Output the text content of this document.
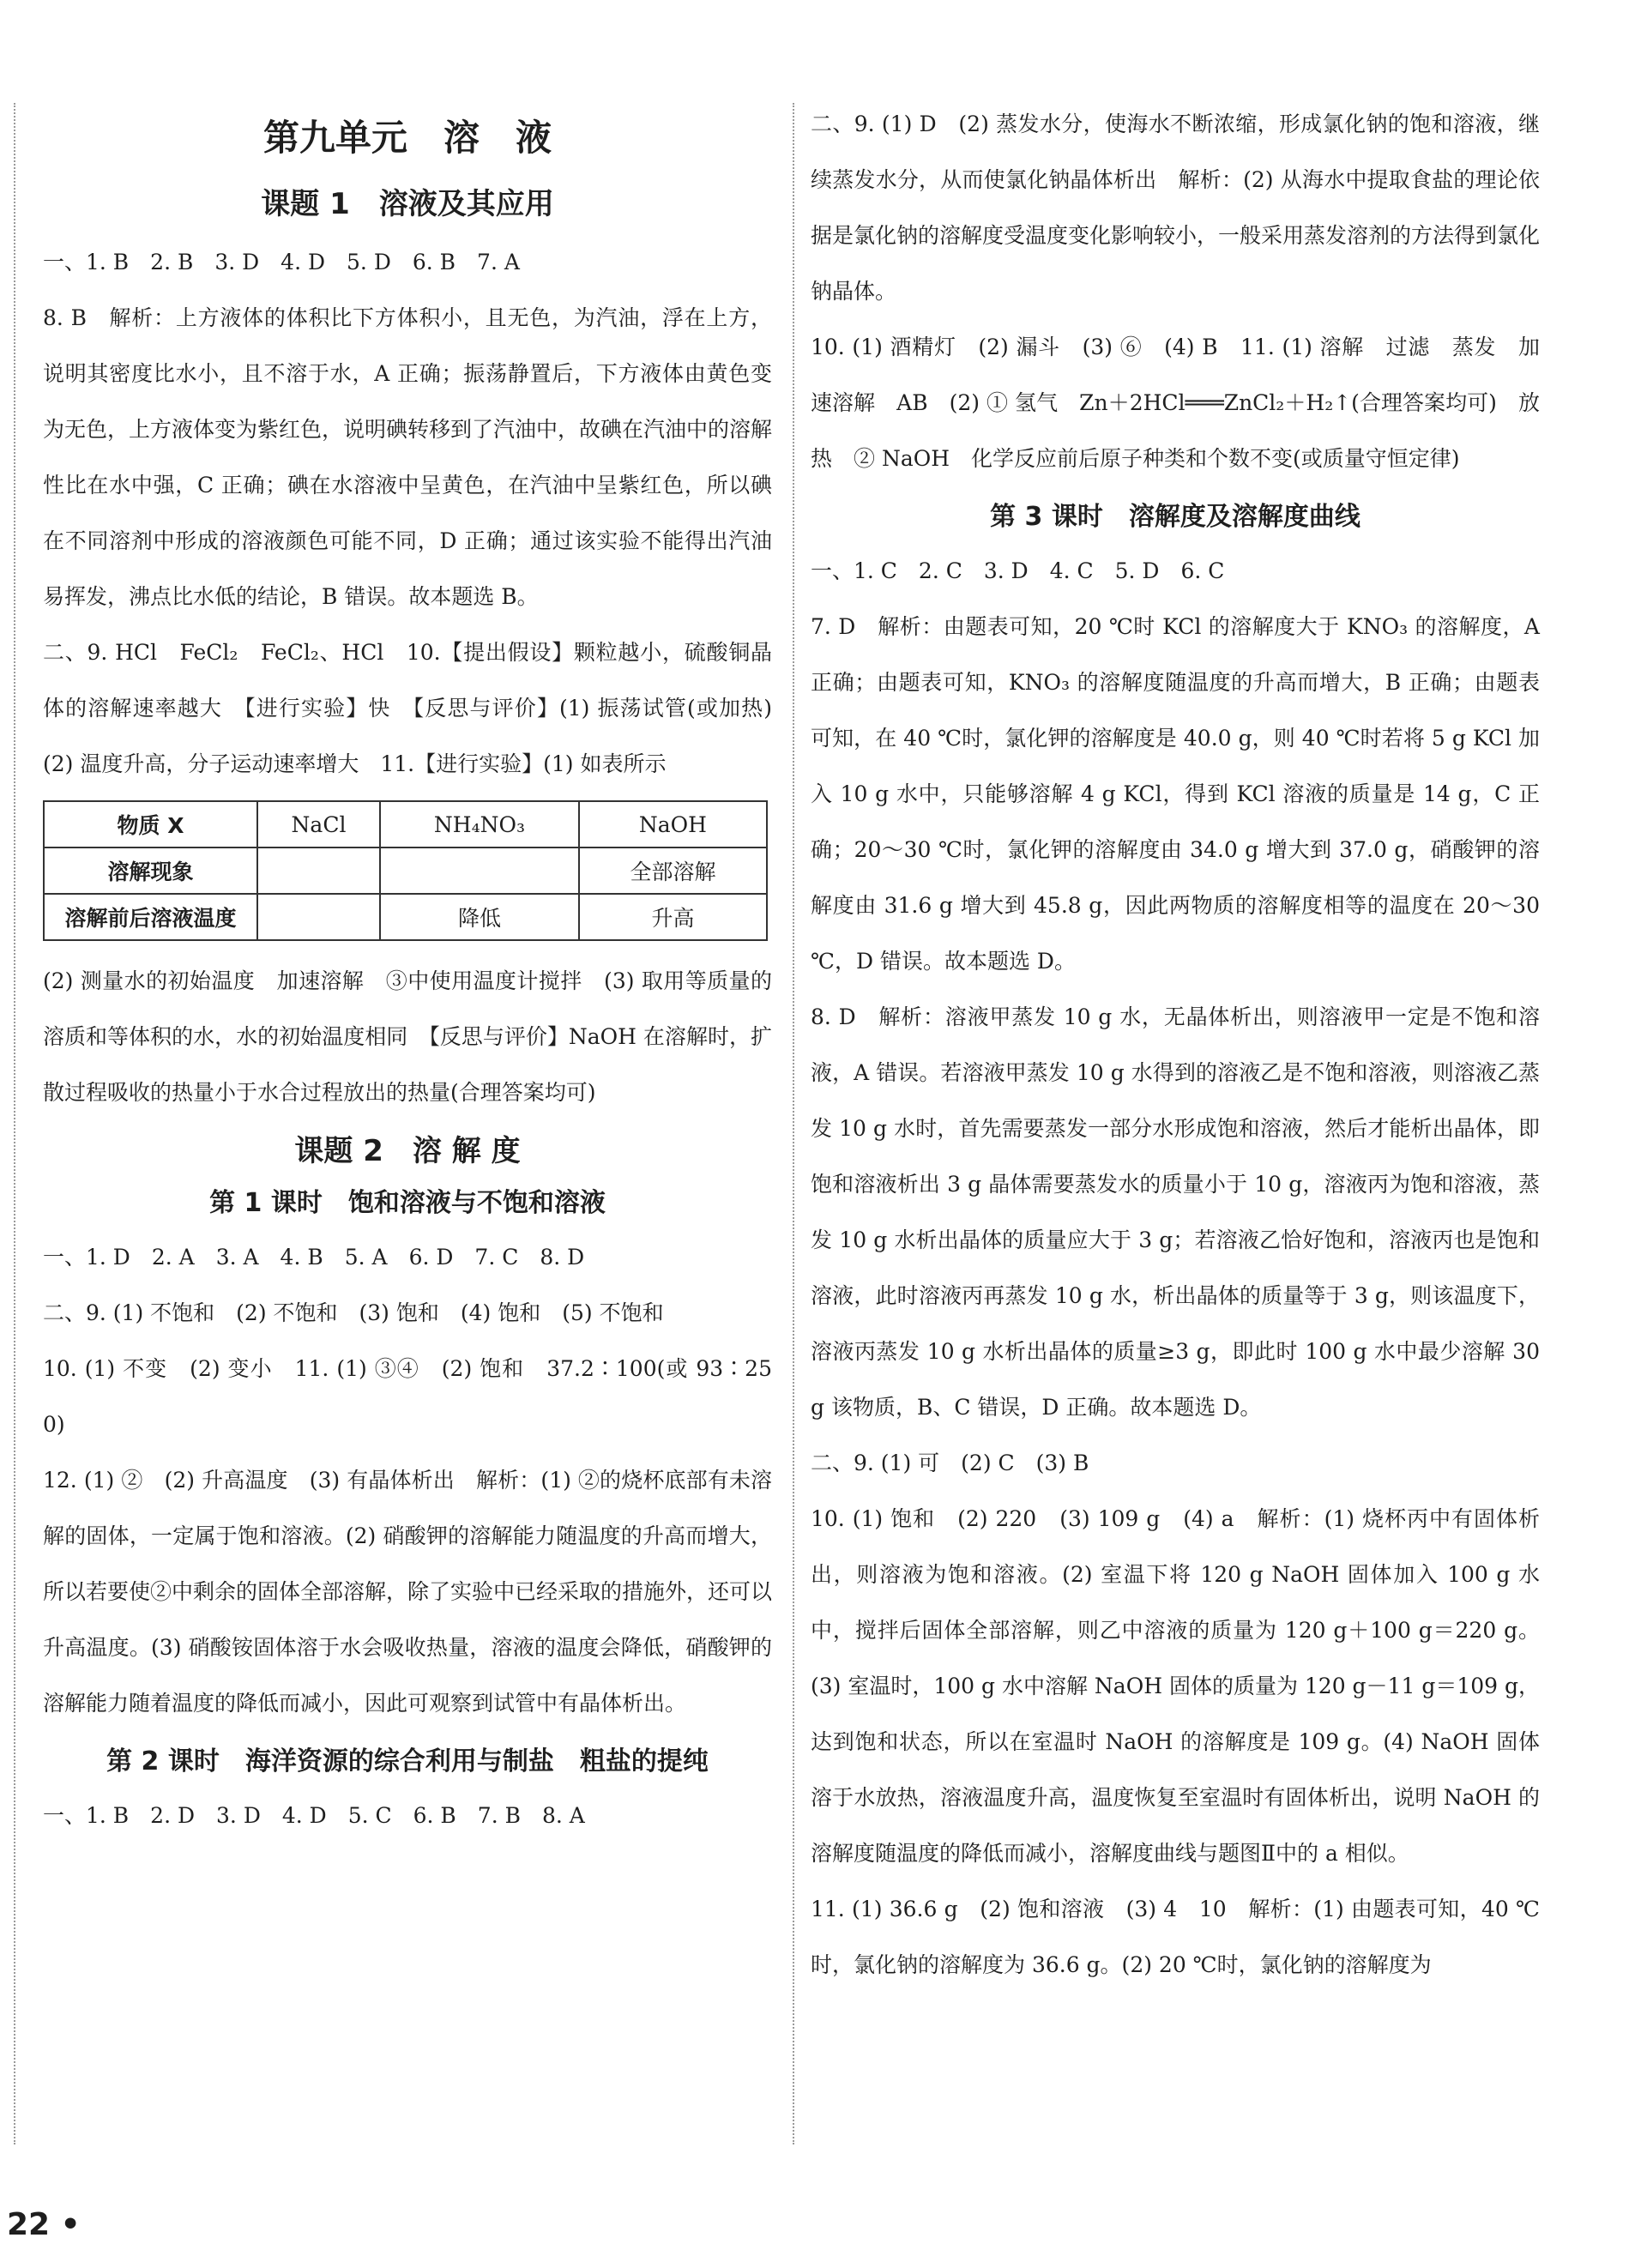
第九单元　溶　液
课题 1　溶液及其应用

一、1. B　2. B　3. D　4. D　5. D　6. B　7. A

8. B　解析：上方液体的体积比下方体积小，且无色，为汽油，浮在上方，说明其密度比水小，且不溶于水，A 正确；振荡静置后，下方液体由黄色变为无色，上方液体变为紫红色，说明碘转移到了汽油中，故碘在汽油中的溶解性比在水中强，C 正确；碘在水溶液中呈黄色，在汽油中呈紫红色，所以碘在不同溶剂中形成的溶液颜色可能不同，D 正确；通过该实验不能得出汽油易挥发，沸点比水低的结论，B 错误。故本题选 B。

二、9. HCl　FeCl₂　FeCl₂、HCl　10.【提出假设】颗粒越小，硫酸铜晶体的溶解速率越大　【进行实验】快　【反思与评价】(1) 振荡试管(或加热)　(2) 温度升高，分子运动速率增大　11.【进行实验】(1) 如表所示

物质 X	NaCl	NH₄NO₃	NaOH
溶解现象			全部溶解
溶解前后溶液温度		降低	升高

(2) 测量水的初始温度　加速溶解　③中使用温度计搅拌　(3) 取用等质量的溶质和等体积的水，水的初始温度相同　【反思与评价】NaOH 在溶解时，扩散过程吸收的热量小于水合过程放出的热量(合理答案均可)

课题 2　溶 解 度
第 1 课时　饱和溶液与不饱和溶液

一、1. D　2. A　3. A　4. B　5. A　6. D　7. C　8. D

二、9. (1) 不饱和　(2) 不饱和　(3) 饱和　(4) 饱和　(5) 不饱和

10. (1) 不变　(2) 变小　11. (1) ③④　(2) 饱和　37.2∶100(或 93∶250)

12. (1) ②　(2) 升高温度　(3) 有晶体析出　解析：(1) ②的烧杯底部有未溶解的固体，一定属于饱和溶液。(2) 硝酸钾的溶解能力随温度的升高而增大，所以若要使②中剩余的固体全部溶解，除了实验中已经采取的措施外，还可以升高温度。(3) 硝酸铵固体溶于水会吸收热量，溶液的温度会降低，硝酸钾的溶解能力随着温度的降低而减小，因此可观察到试管中有晶体析出。

第 2 课时　海洋资源的综合利用与制盐　粗盐的提纯

一、1. B　2. D　3. D　4. D　5. C　6. B　7. B　8. A

二、9. (1) D　(2) 蒸发水分，使海水不断浓缩，形成氯化钠的饱和溶液，继续蒸发水分，从而使氯化钠晶体析出　解析：(2) 从海水中提取食盐的理论依据是氯化钠的溶解度受温度变化影响较小，一般采用蒸发溶剂的方法得到氯化钠晶体。

10. (1) 酒精灯　(2) 漏斗　(3) ⑥　(4) B　11. (1) 溶解　过滤　蒸发　加速溶解　AB　(2) ① 氢气　Zn＋2HCl═══ZnCl₂＋H₂↑(合理答案均可)　放热　② NaOH　化学反应前后原子种类和个数不变(或质量守恒定律)

第 3 课时　溶解度及溶解度曲线

一、1. C　2. C　3. D　4. C　5. D　6. C

7. D　解析：由题表可知，20 ℃时 KCl 的溶解度大于 KNO₃ 的溶解度，A 正确；由题表可知，KNO₃ 的溶解度随温度的升高而增大，B 正确；由题表可知，在 40 ℃时，氯化钾的溶解度是 40.0 g，则 40 ℃时若将 5 g KCl 加入 10 g 水中，只能够溶解 4 g KCl，得到 KCl 溶液的质量是 14 g，C 正确；20～30 ℃时，氯化钾的溶解度由 34.0 g 增大到 37.0 g，硝酸钾的溶解度由 31.6 g 增大到 45.8 g，因此两物质的溶解度相等的温度在 20～30 ℃，D 错误。故本题选 D。

8. D　解析：溶液甲蒸发 10 g 水，无晶体析出，则溶液甲一定是不饱和溶液，A 错误。若溶液甲蒸发 10 g 水得到的溶液乙是不饱和溶液，则溶液乙蒸发 10 g 水时，首先需要蒸发一部分水形成饱和溶液，然后才能析出晶体，即饱和溶液析出 3 g 晶体需要蒸发水的质量小于 10 g，溶液丙为饱和溶液，蒸发 10 g 水析出晶体的质量应大于 3 g；若溶液乙恰好饱和，溶液丙也是饱和溶液，此时溶液丙再蒸发 10 g 水，析出晶体的质量等于 3 g，则该温度下，溶液丙蒸发 10 g 水析出晶体的质量≥3 g，即此时 100 g 水中最少溶解 30 g 该物质，B、C 错误，D 正确。故本题选 D。

二、9. (1) 可　(2) C　(3) B

10. (1) 饱和　(2) 220　(3) 109 g　(4) a　解析：(1) 烧杯丙中有固体析出，则溶液为饱和溶液。(2) 室温下将 120 g NaOH 固体加入 100 g 水中，搅拌后固体全部溶解，则乙中溶液的质量为 120 g＋100 g＝220 g。(3) 室温时，100 g 水中溶解 NaOH 固体的质量为 120 g－11 g＝109 g，达到饱和状态，所以在室温时 NaOH 的溶解度是 109 g。(4) NaOH 固体溶于水放热，溶液温度升高，温度恢复至室温时有固体析出，说明 NaOH 的溶解度随温度的降低而减小，溶解度曲线与题图Ⅱ中的 a 相似。

11. (1) 36.6 g　(2) 饱和溶液　(3) 4　10　解析：(1) 由题表可知，40 ℃时，氯化钠的溶解度为 36.6 g。(2) 20 ℃时，氯化钠的溶解度为

22 •
